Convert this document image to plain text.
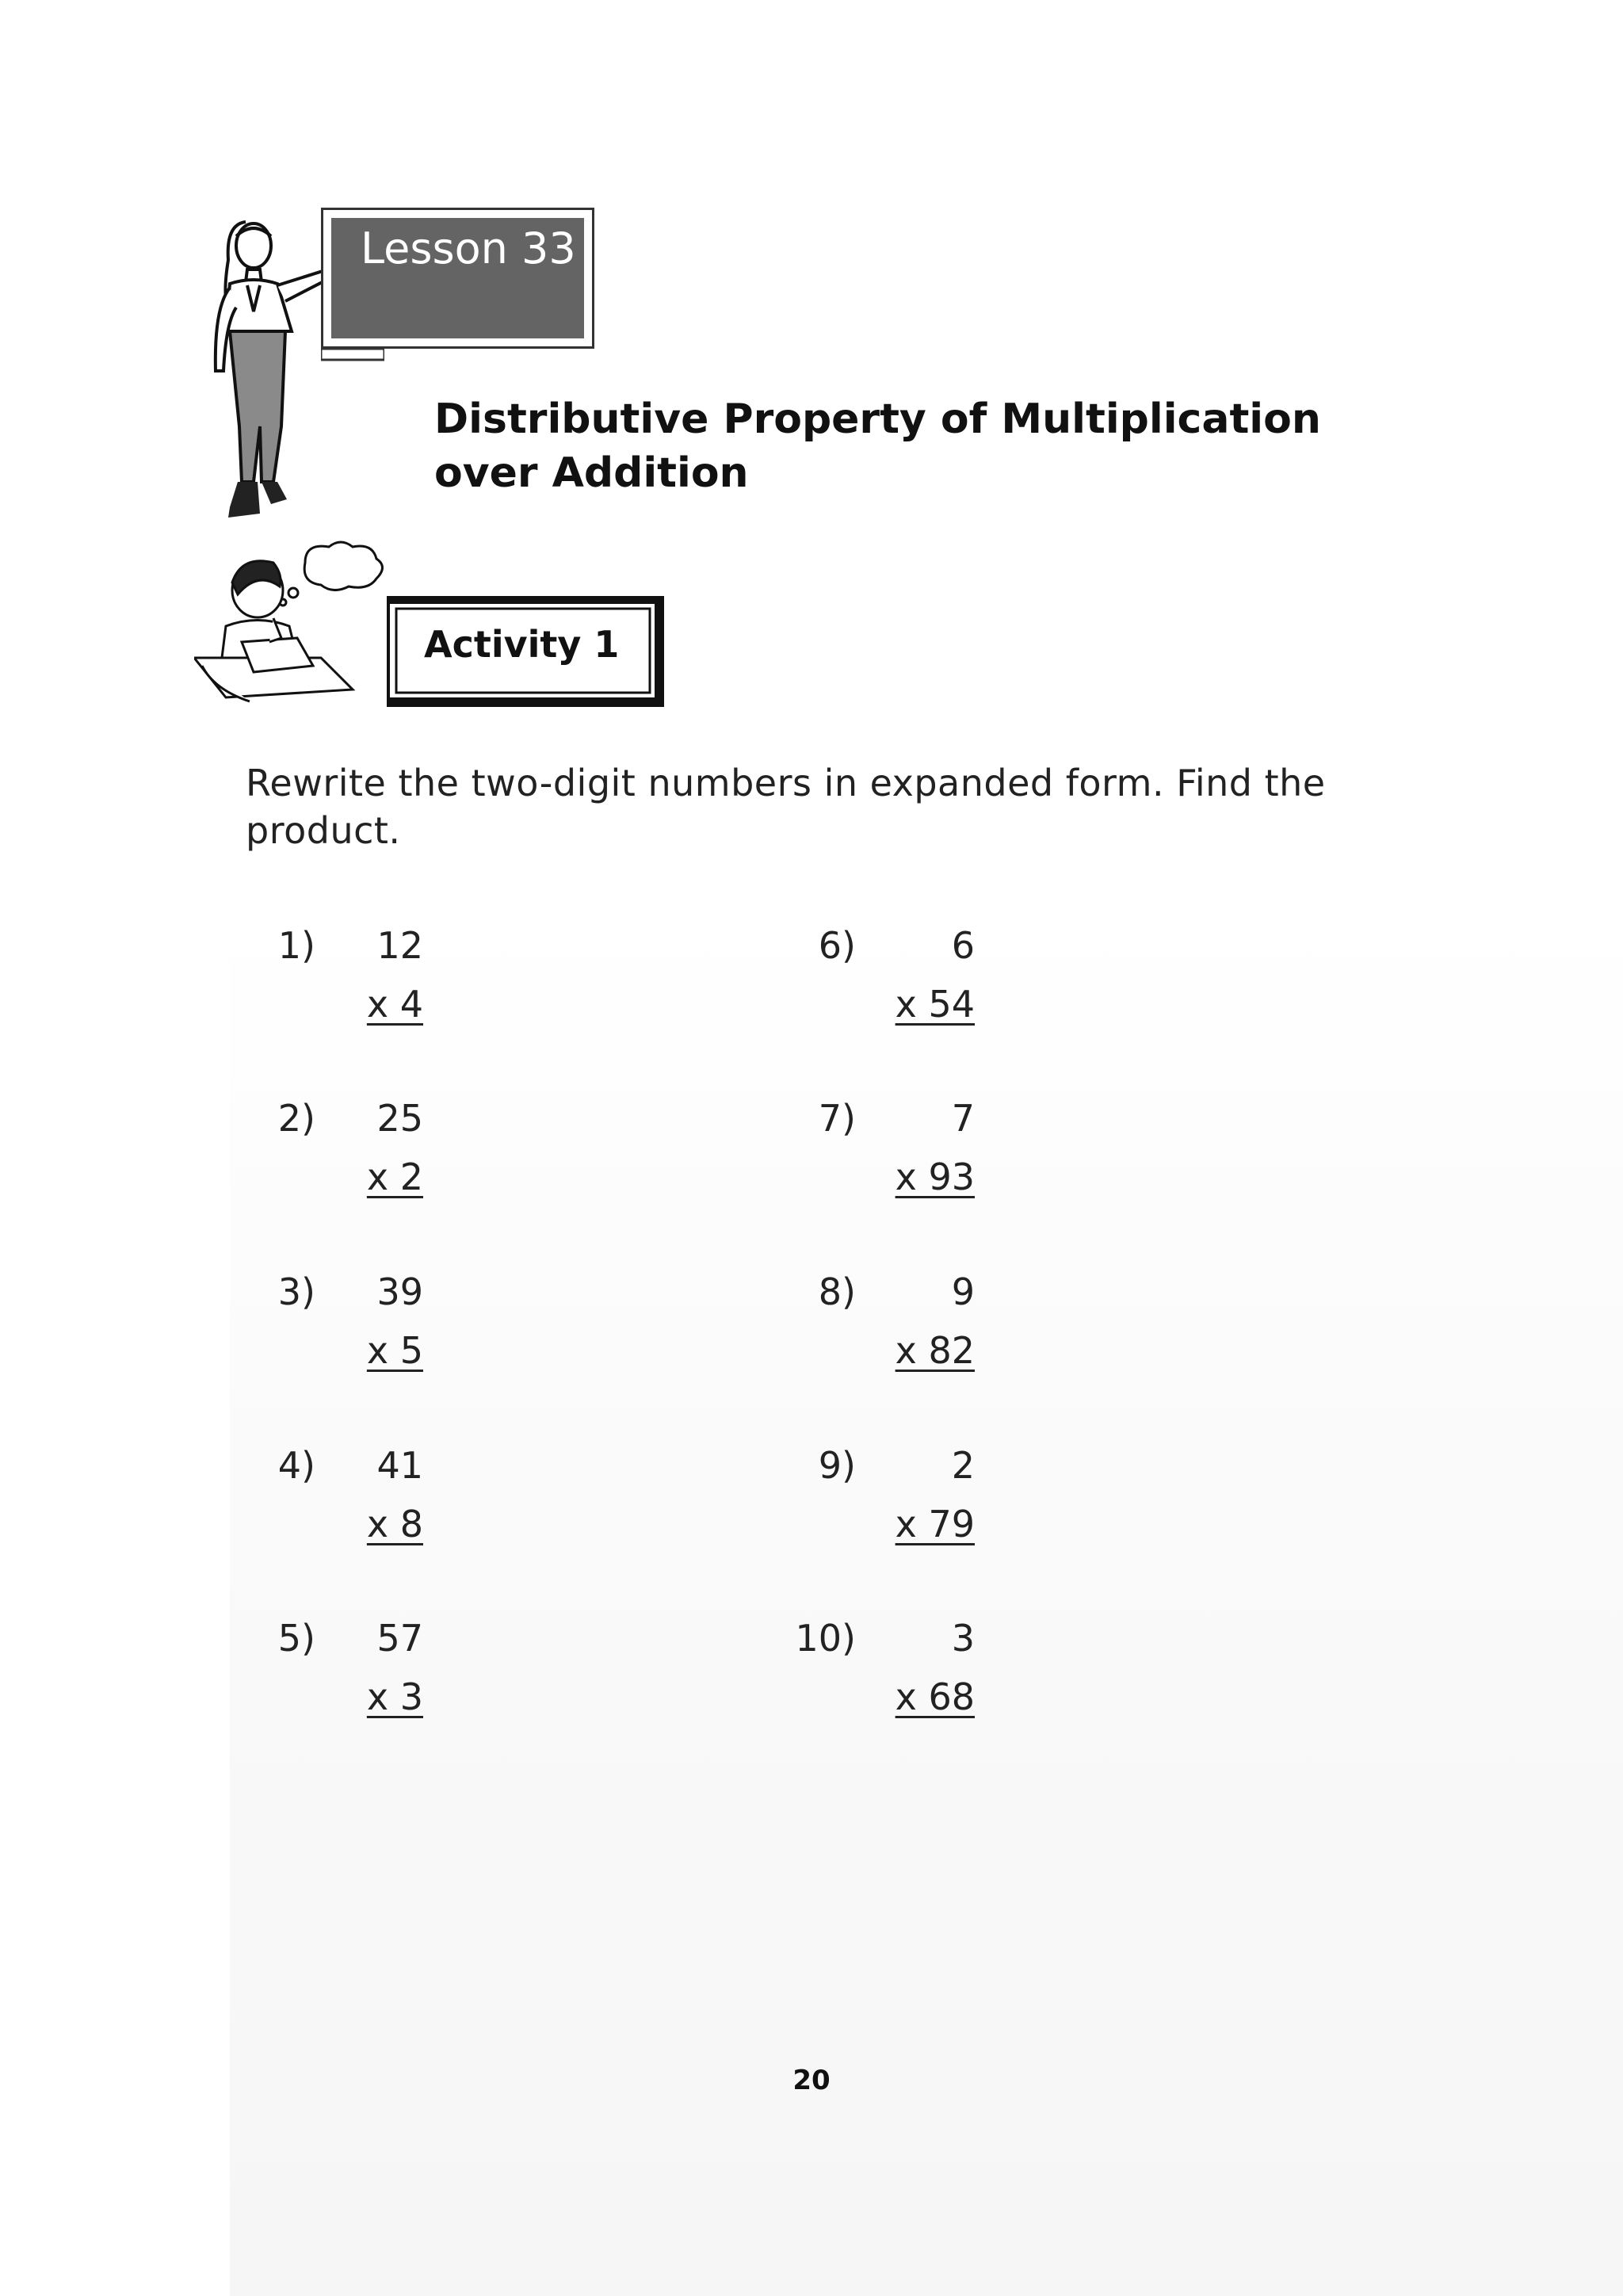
Lesson 33
Distributive Property of Multiplication
over Addition
Activity 1
Rewrite the two-digit numbers in expanded form. Find the product.
1)	12
x 4
2)	25
x 2
3)	39
x 5
4)	41
x 8
5)	57
x 3
6)	6
x 54
7)	7
x 93
8)	9
x 82
9)	2
x 79
10)	3
x 68
20
